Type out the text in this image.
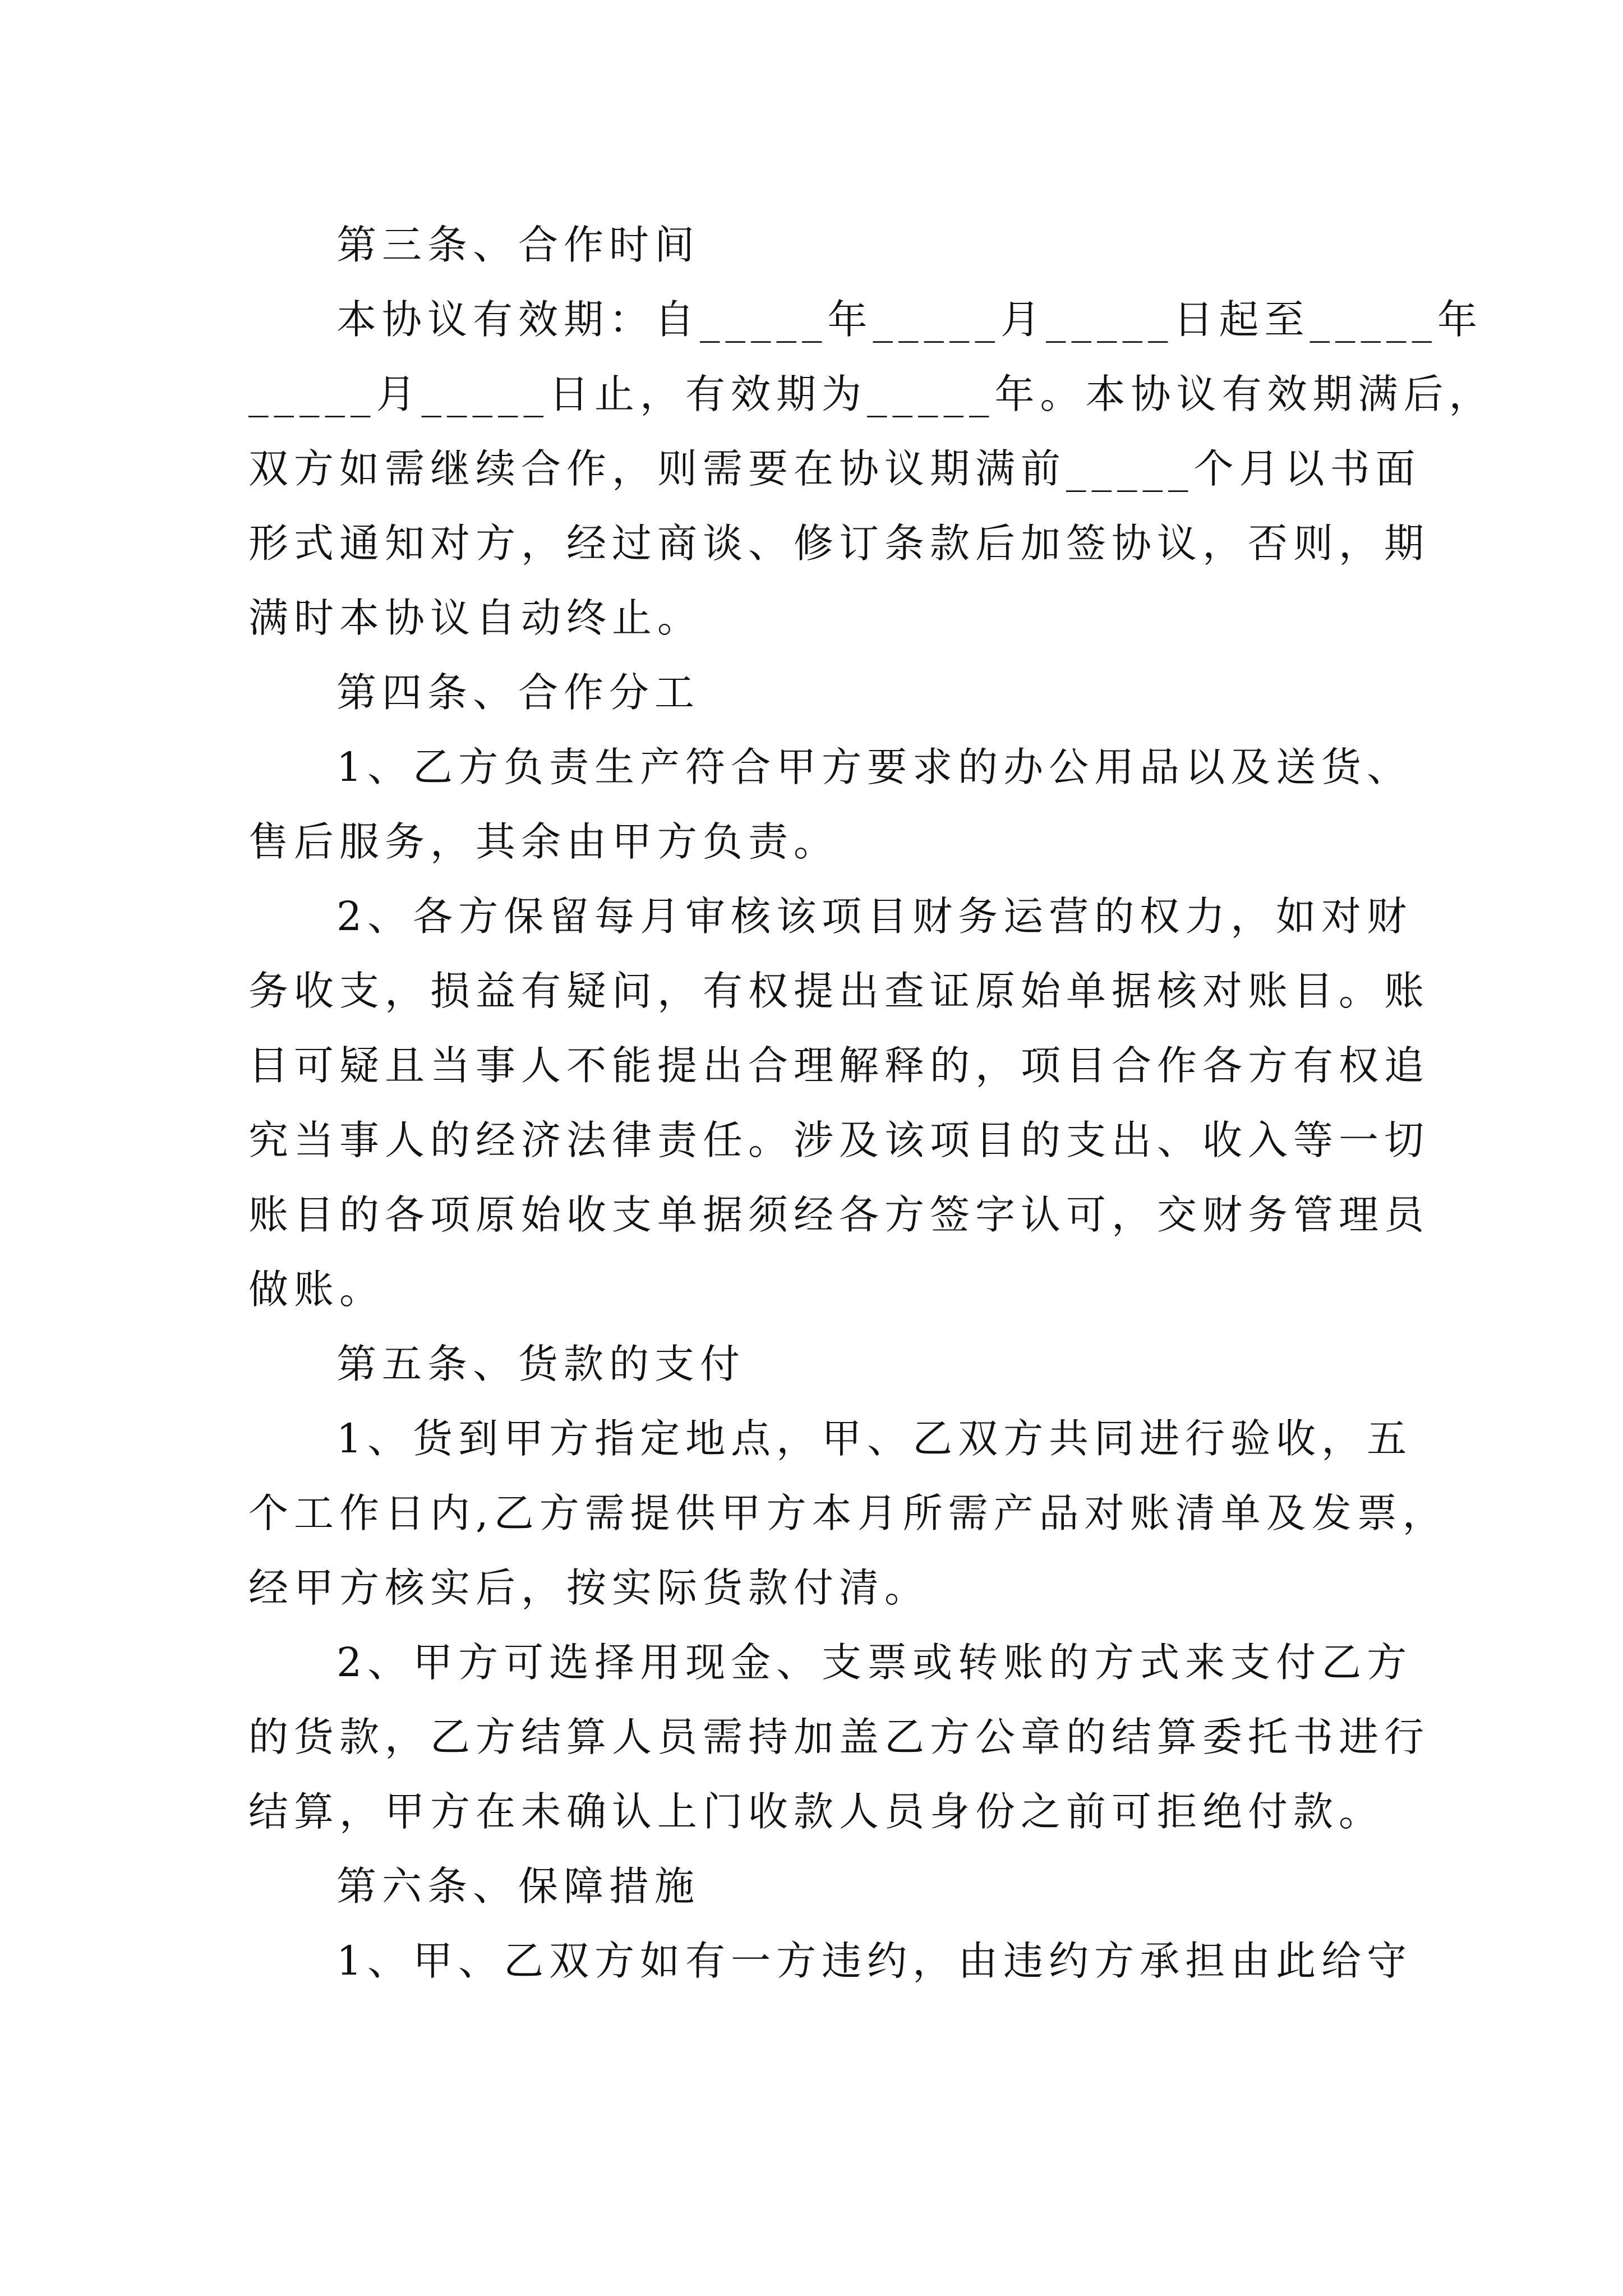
第三条、合作时间

本协议有效期：自_____年_____月_____日起至_____年

_____月_____日止，有效期为_____年。本协议有效期满后，

双方如需继续合作，则需要在协议期满前_____个月以书面

形式通知对方，经过商谈、修订条款后加签协议，否则，期

满时本协议自动终止。

第四条、合作分工

1、乙方负责生产符合甲方要求的办公用品以及送货、

售后服务，其余由甲方负责。

2、各方保留每月审核该项目财务运营的权力，如对财

务收支，损益有疑问，有权提出查证原始单据核对账目。账

目可疑且当事人不能提出合理解释的，项目合作各方有权追

究当事人的经济法律责任。涉及该项目的支出、收入等一切

账目的各项原始收支单据须经各方签字认可，交财务管理员

做账。

第五条、货款的支付

1、货到甲方指定地点，甲、乙双方共同进行验收，五

个工作日内,乙方需提供甲方本月所需产品对账清单及发票，

经甲方核实后，按实际货款付清。

2、甲方可选择用现金、支票或转账的方式来支付乙方

的货款，乙方结算人员需持加盖乙方公章的结算委托书进行

结算，甲方在未确认上门收款人员身份之前可拒绝付款。

第六条、保障措施

1、甲、乙双方如有一方违约，由违约方承担由此给守
